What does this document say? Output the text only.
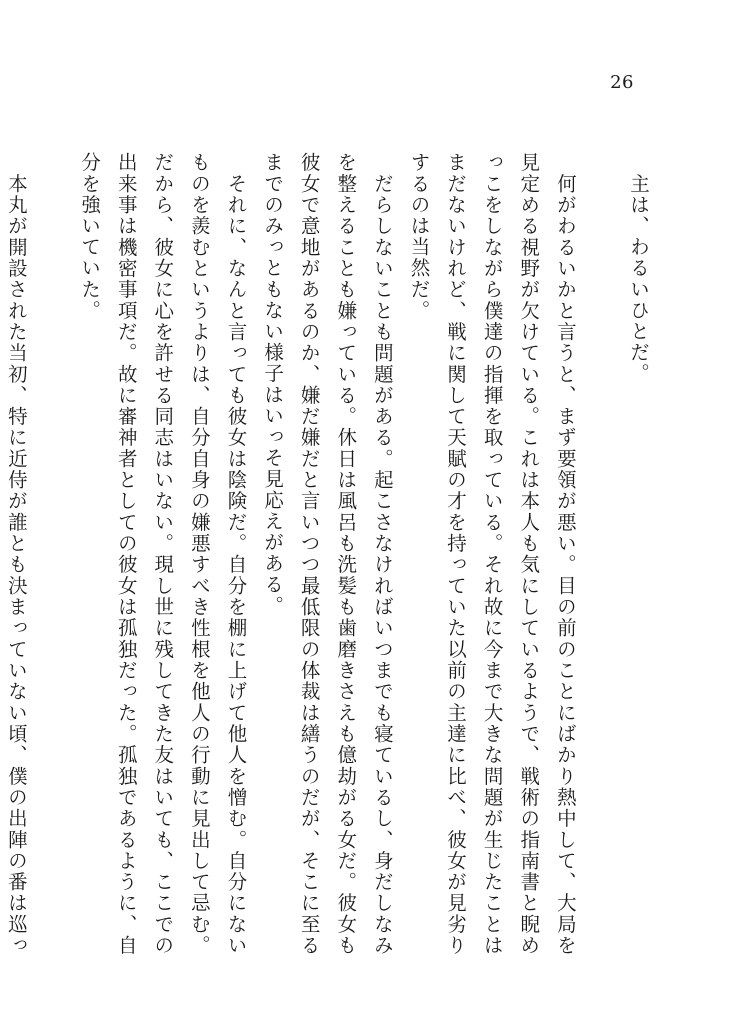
26

　主は、わるいひとだ。

　何がわるいかと言うと、まず要領が悪い。目の前のことにばかり熱中して、大局を見定める視野が欠けている。これは本人も気にしているようで、戦術の指南書と睨めっこをしながら僕達の指揮を取っている。それ故に今まで大きな問題が生じたことはまだないけれど、戦に関して天賦の才を持っていた以前の主達に比べ、彼女が見劣りするのは当然だ。

　だらしないことも問題がある。起こさなければいつまでも寝ているし、身だしなみを整えることも嫌っている。休日は風呂も洗髪も歯磨きさえも億劫がる女だ。彼女も彼女で意地があるのか、嫌だ嫌だと言いつつ最低限の体裁は繕うのだが、そこに至るまでのみっともない様子はいっそ見応えがある。

　それに、なんと言っても彼女は陰険だ。自分を棚に上げて他人を憎む。自分にないものを羨むというよりは、自分自身の嫌悪すべき性根を他人の行動に見出して忌む。だから、彼女に心を許せる同志はいない。現し世に残してきた友はいても、ここでの出来事は機密事項だ。故に審神者としての彼女は孤独だった。孤独であるように、自分を強いていた。

　本丸が開設された当初、特に近侍が誰とも決まっていない頃、僕の出陣の番は巡っ
